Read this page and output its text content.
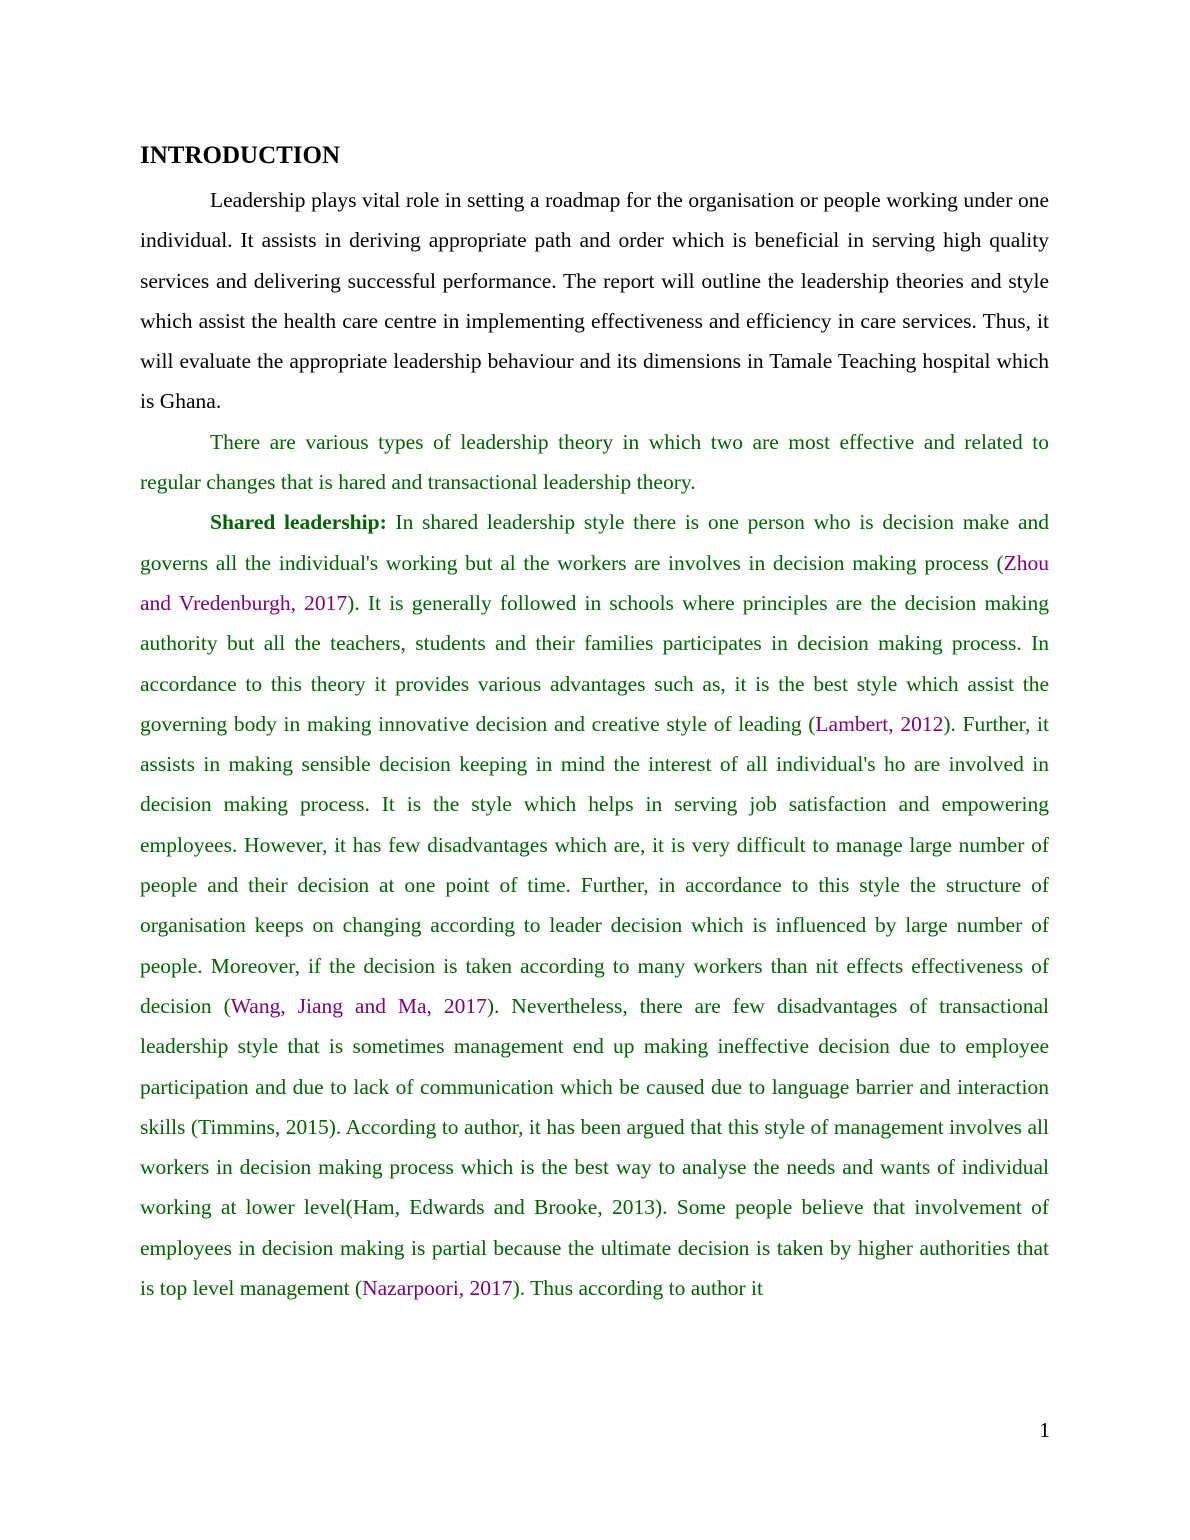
INTRODUCTION

Leadership plays vital role in setting a roadmap for the organisation or people working under one individual. It assists in deriving appropriate path and order which is beneficial in serving high quality services and delivering successful performance. The report will outline the leadership theories and style which assist the health care centre in implementing effectiveness and efficiency in care services. Thus, it will evaluate the appropriate leadership behaviour and its dimensions in Tamale Teaching hospital which is Ghana.

There are various types of leadership theory in which two are most effective and related to regular changes that is hared and transactional leadership theory.

Shared leadership: In shared leadership style there is one person who is decision make and governs all the individual's working but al the workers are involves in decision making process (Zhou and Vredenburgh, 2017). It is generally followed in schools where principles are the decision making authority but all the teachers, students and their families participates in decision making process. In accordance to this theory it provides various advantages such as, it is the best style which assist the governing body in making innovative decision and creative style of leading (Lambert, 2012). Further, it assists in making sensible decision keeping in mind the interest of all individual's ho are involved in decision making process. It is the style which helps in serving job satisfaction and empowering employees. However, it has few disadvantages which are, it is very difficult to manage large number of people and their decision at one point of time. Further, in accordance to this style the structure of organisation keeps on changing according to leader decision which is influenced by large number of people. Moreover, if the decision is taken according to many workers than nit effects effectiveness of decision (Wang, Jiang and Ma, 2017). Nevertheless, there are few disadvantages of transactional leadership style that is sometimes management end up making ineffective decision due to employee participation and due to lack of communication which be caused due to language barrier and interaction skills (Timmins, 2015). According to author, it has been argued that this style of management involves all workers in decision making process which is the best way to analyse the needs and wants of individual working at lower level(Ham, Edwards and Brooke, 2013). Some people believe that involvement of employees in decision making is partial because the ultimate decision is taken by higher authorities that is top level management (Nazarpoori, 2017). Thus according to author it

1
